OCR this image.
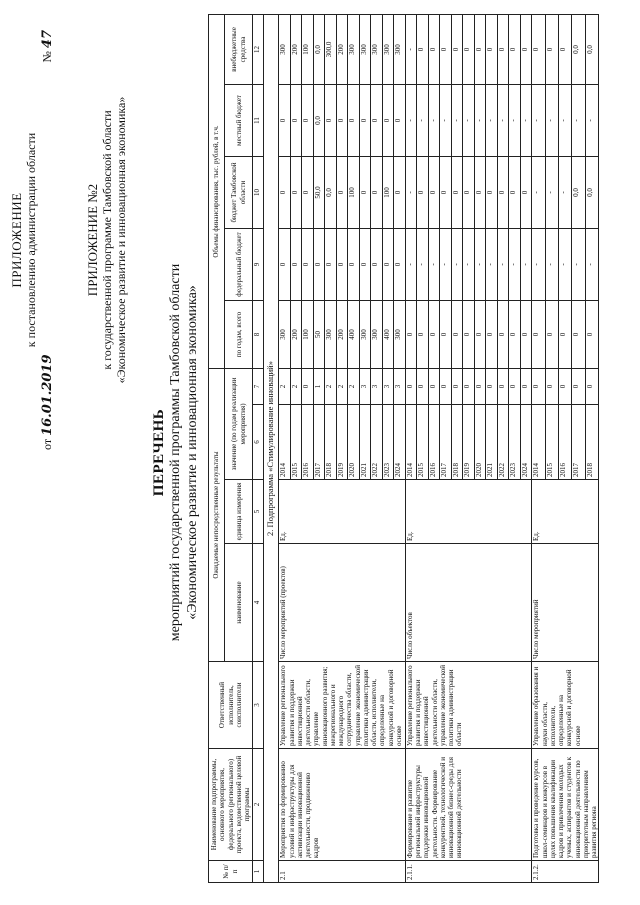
ПРИЛОЖЕНИЕ к постановлению администрации области
от 16.01.2019
№ 47
ПРИЛОЖЕНИЕ №2 к государственной программе Тамбовской области «Экономическое развитие и инновационная экономика»
ПЕРЕЧЕНЬ мероприятий государственной программы Тамбовской области «Экономическое развитие и инновационная экономика»
№ п/п	Наименование подпрограммы, основного мероприятия, федерального (регионального) проекта, ведомственной целевой программы	Ответственный исполнитель, соисполнители	Ожидаемые непосредственные результаты				Объемы финансирования, тыс. рублей, в т.ч.				
			наименование	единица измерения	значение (по годам реализации мероприятия)		по годам, всего	федеральный бюджет	бюджет Тамбовской области	местный бюджет	внебюджетные средства
1	2	3	4	5	6	7	8	9	10	11	12
2. Подпрограмма «Стимулирование инноваций»											
2.1	Мероприятия по формированию условий и инфраструктуры для активизации инновационной деятельности, продвижению кадров	Управление регионального развития и поддержки инвестиционной деятельности области, управление инновационного развития; межрегионального и международного сотрудничества области, управление экономической политики администрации области, исполнители, определенные на конкурсной и договорной основе	Число мероприятий (проектов)	Ед.	2014	2	300	0	0	0	300
					2015	2	200	0	0	0	200
					2016	0	100	0	0	0	100
					2017	1	50	0	50,0	0,0	0,0
					2018	2	300	0	0,0	0	300,0
					2019	2	200	0	0	0	200
					2020	2	400	0	100	0	300
					2021	3	300	0	0	0	300
					2022	3	300	0	0	0	300
					2023	3	400	0	100	0	300
					2024	3	300	0	0	0	300
2.1.1.	Формирование и развитие региональной инфраструктуры поддержки инновационной деятельности. Формирование конкурентной, технологической и инновационной бизнес-среды для инновационной деятельности	Управление регионального развития и поддержки инвестиционной деятельности области, управление экономической политики администрации области	Число объектов	Ед.	2014	0	0	-	-	-	-
					2015	0	0	-	0	-	0
					2016	0	0	-	0	-	0
					2017	0	0	-	0	-	0
					2018	0	0	-	0	-	0
					2019	0	0	-	0	-	0
					2020	0	0	-	0	-	0
					2021	0	0	-	0	-	0
					2022	0	0	-	0	-	0
					2023	0	0	-	0	-	0
					2024	0	0	-	0	-	0
2.1.2.	Подготовка и проведение курсов, школ-семинаров и конкурсов в целях повышения квалификации кадров и привлечения молодых ученых, аспирантов и студентов к инновационной деятельности по приоритетным направлениям развития региона	Управление образования и науки области, исполнители, определенные на конкурсной и договорной основе	Число мероприятий	Ед.	2014	0	0	-	-	-	0
					2015	0	0	-	-	-	0
					2016	0	0	-	-	-	0
					2017	0	0	-	0,0	-	0,0
					2018	0	0	-	0,0	-	0,0
